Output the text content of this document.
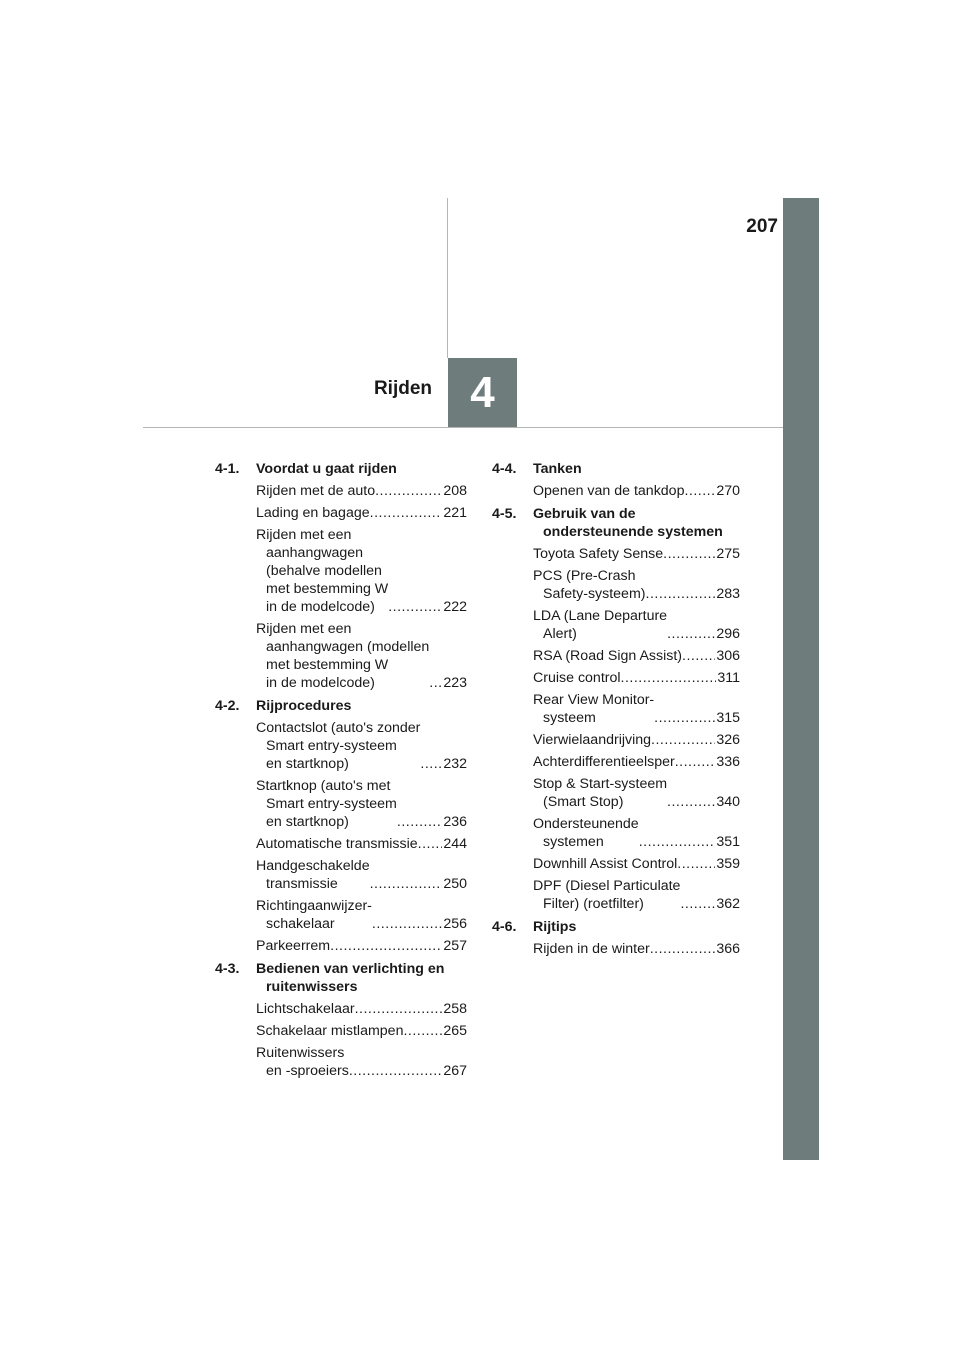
207
4
Rijden
4-1.	Voordat u gaat rijden
Rijden met de auto .....	208
Lading en bagage .....	221
Rijden met een
aanhangwagen
(behalve modellen
met bestemming W
in de modelcode) .....	222
Rijden met een
aanhangwagen (modellen
met bestemming W
in de modelcode) .....	223
4-2.	Rijprocedures
Contactslot (auto's zonder
Smart entry-systeem
en startknop) .....	232
Startknop (auto's met
Smart entry-systeem
en startknop) .....	236
Automatische transmissie ..... 244
Handgeschakelde
transmissie .....	250
Richtingaanwijzer-
schakelaar .....	256
Parkeerrem .....	257
4-3.	Bedienen van verlichting en ruitenwissers
Lichtschakelaar .....	258
Schakelaar mistlampen .....	265
Ruitenwissers
en -sproeiers .....	267
4-4.	Tanken
Openen van de tankdop ..... 270
4-5.	Gebruik van de ondersteunende systemen
Toyota Safety Sense .....	275
PCS (Pre-Crash
Safety-systeem) .....	283
LDA (Lane Departure
Alert) .....	296
RSA (Road Sign Assist) ..... 306
Cruise control .....	311
Rear View Monitor-
systeem .....	315
Vierwielaandrijving .....	326
Achterdifferentieelsper .....	336
Stop & Start-systeem
(Smart Stop) .....	340
Ondersteunende
systemen .....	351
Downhill Assist Control .....	359
DPF (Diesel Particulate
Filter) (roetfilter) .....	362
4-6.	Rijtips
Rijden in de winter .....	366
